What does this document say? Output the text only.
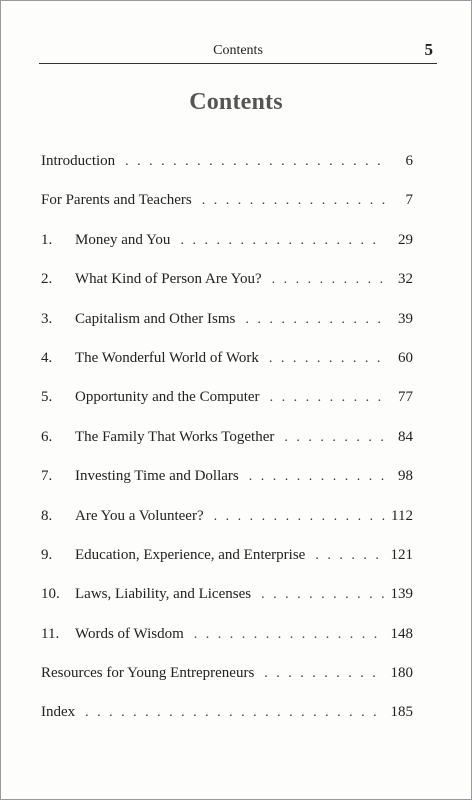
Contents	5
Contents
Introduction . . .	6
For Parents and Teachers . . .	7
1.	Money and You . . .	29
2.	What Kind of Person Are You? . . .	32
3.	Capitalism and Other Isms . . .	39
4.	The Wonderful World of Work . . .	60
5.	Opportunity and the Computer . . .	77
6.	The Family That Works Together . . .	84
7.	Investing Time and Dollars . . .	98
8.	Are You a Volunteer? . . .	112
9.	Education, Experience, and Enterprise . . .	121
10.	Laws, Liability, and Licenses . . .	139
11.	Words of Wisdom . . .	148
Resources for Young Entrepreneurs . . .	180
Index . . .	185
